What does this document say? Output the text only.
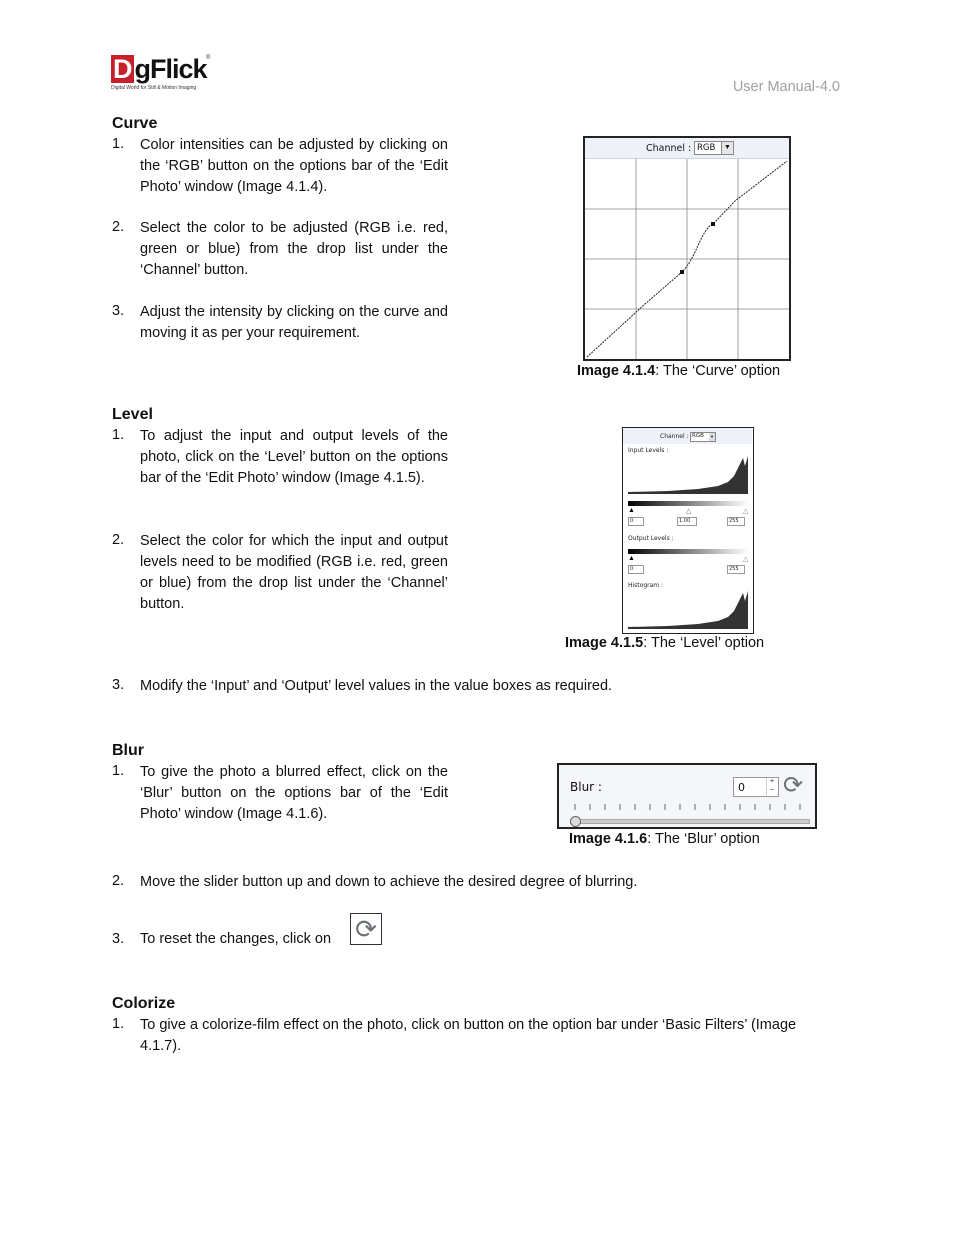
D gFlick ®
Digital World for Still & Motion Imaging	User Manual-4.0
Curve
1. Color intensities can be adjusted by clicking on the ‘RGB’ button on the options bar of the ‘Edit Photo’ window (Image 4.1.4).
2. Select the color to be adjusted (RGB i.e. red, green or blue) from the drop list under the ‘Channel’ button.
3. Adjust the intensity by clicking on the curve and moving it as per your requirement.
Channel : RGB	▼
Image 4.1.4: The ‘Curve’ option
Level
1. To adjust the input and output levels of the photo, click on the ‘Level’ button on the options bar of the ‘Edit Photo’ window (Image 4.1.5).
2. Select the color for which the input and output levels need to be modified (RGB i.e. red, green or blue) from the drop list under the ‘Channel’ button.
Channel : RGB ▼
Input Levels :
▲	△	△
0	1.00	255
Output Levels :
▲	△
0	255
Histogram :
Image 4.1.5: The ‘Level’ option
3. Modify the ‘Input’ and ‘Output’ level values in the value boxes as required.
Blur
1. To give the photo a blurred effect, click on the ‘Blur’ button on the options bar of the ‘Edit Photo’ window (Image 4.1.6).
Blur :	0	+
− ⟳
Image 4.1.6: The ‘Blur’ option
2. Move the slider button up and down to achieve the desired degree of blurring.
3. To reset the changes, click on ⟳
Colorize
1. To give a colorize-film effect on the photo, click on button on the option bar under ‘Basic Filters’ (Image 4.1.7).
